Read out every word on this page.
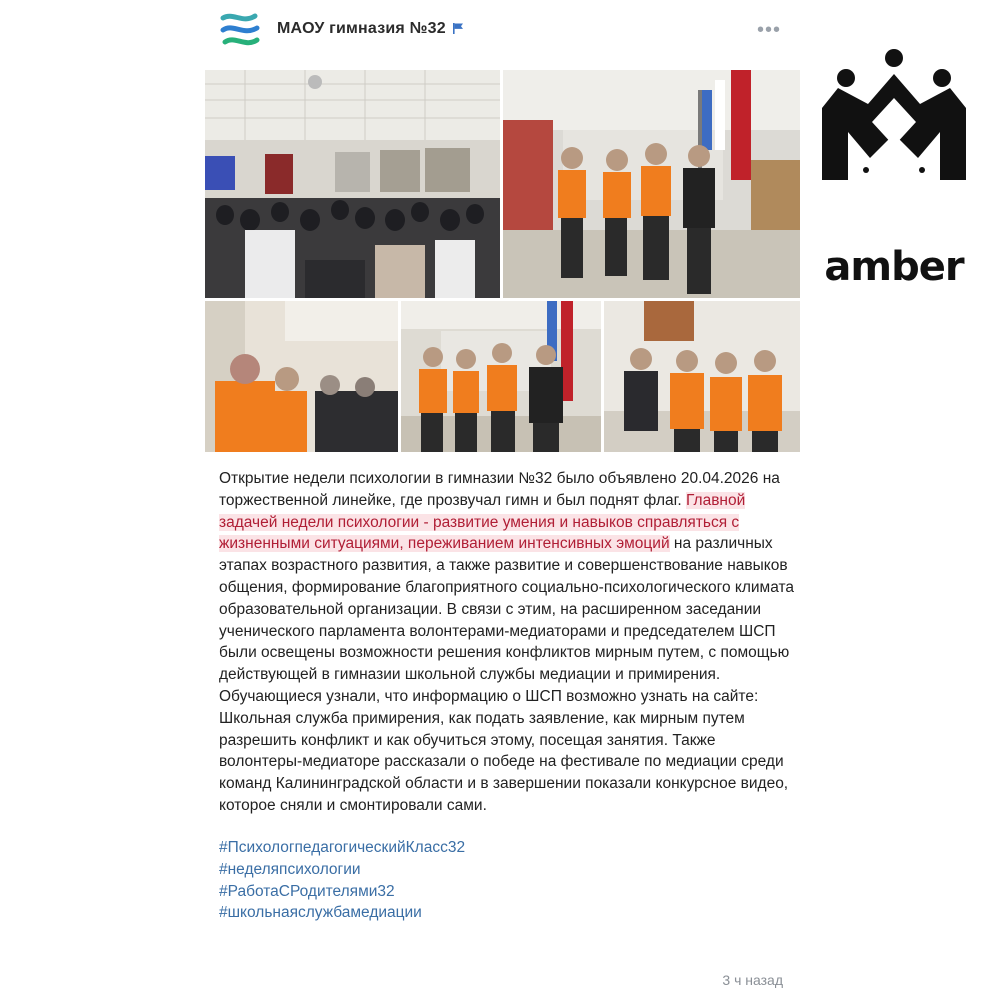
МАОУ гимназия №32	•••

Открытие недели психологии в гимназии №32 было объявлено 20.04.2026 на торжественной линейке, где прозвучал гимн и был поднят флаг. Главной задачей недели психологии - развитие умения и навыков справляться с жизненными ситуациями, переживанием интенсивных эмоций на различных этапах возрастного развития, а также развитие и совершенствование навыков общения, формирование благоприятного социально-психологического климата образовательной организации. В связи с этим, на расширенном заседании ученического парламента волонтерами-медиаторами и председателем ШСП были освещены возможности решения конфликтов мирным путем, с помощью действующей в гимназии школьной службы медиации и примирения. Обучающиеся узнали, что информацию о ШСП возможно узнать на сайте: Школьная служба примирения, как подать заявление, как мирным путем разрешить конфликт и как обучиться этому, посещая занятия. Также волонтеры-медиаторе рассказали о победе на фестивале по медиации среди команд Калининградской области и в завершении показали конкурсное видео, которое сняли и смонтировали сами.

#ПсихологпедагогическийКласс32
#неделяпсихологии
#РаботаСРодителями32
#школьнаяслужбамедиации
3 ч назад
amber
